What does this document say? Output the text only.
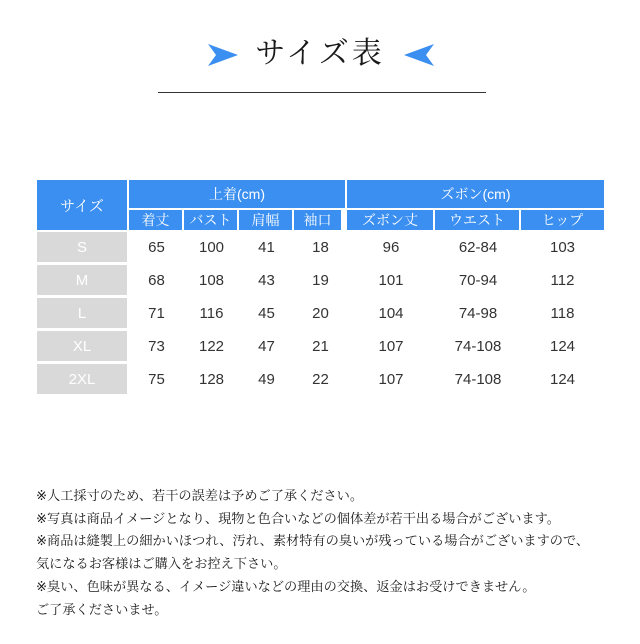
サイズ表
サイズ	上着(cm)				ズボン(cm)		
	着丈	バスト	肩幅	袖口		ズボン丈	ウエスト	ヒップ
S	65	100	41	18		96	62-84	103
M	68	108	43	19		101	70-94	112
L	71	116	45	20		104	74-98	118
XL	73	122	47	21		107	74-108	124
2XL	75	128	49	22		107	74-108	124
※人工採寸のため、若干の誤差は予めご了承ください。
※写真は商品イメージとなり、現物と色合いなどの個体差が若干出る場合がございます。
※商品は縫製上の細かいほつれ、汚れ、素材特有の臭いが残っている場合がございますので、
気になるお客様はご購入をお控え下さい。
※臭い、色味が異なる、イメージ違いなどの理由の交換、返金はお受けできません。
ご了承くださいませ。
